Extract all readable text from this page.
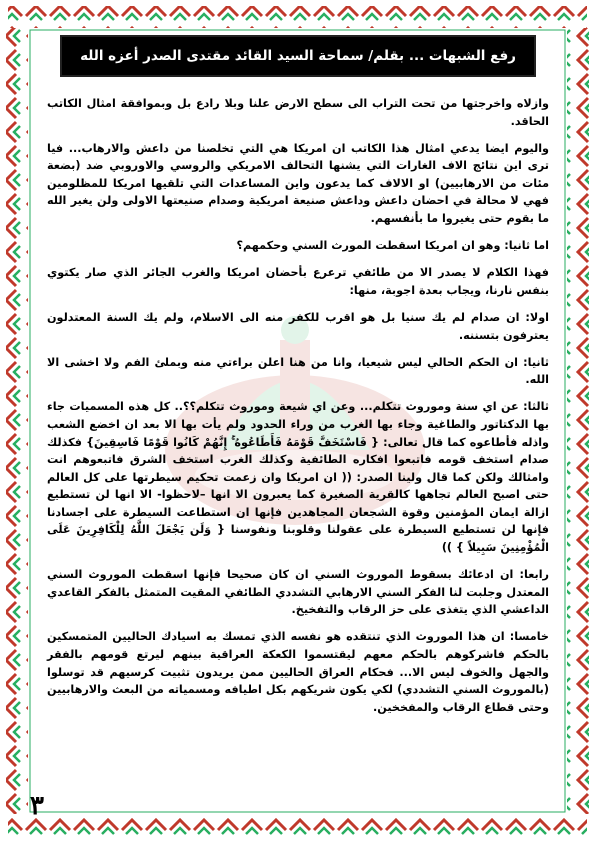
رفع الشبهات ... بقلم/ سماحة السيد القائد مقتدى الصدر أعزه الله

وازلاه واخرجتها من تحت التراب الى سطح الارض علنا وبلا رادع بل وبموافقة امثال الكاتب الحاقد.

واليوم ايضا يدعي امثال هذا الكاتب ان امريكا هي التي تخلصنا من داعش والارهاب... فيا ترى اين نتائج الاف الغارات التي يشنها التحالف الامريكي والروسي والاوروبي ضد (بضعة مئات من الارهابيين) او الالاف كما يدعون واين المساعدات التي تلقيها امريكا للمظلومين فهي لا محالة في احضان داعش وداعش صنيعة امريكية وصدام صنيعتها الاولى ولن يغير الله ما بقوم حتى يغيروا ما بأنفسهم.

اما ثانيا: وهو ان امريكا اسقطت المورث السني وحكمهم؟

فهذا الكلام لا يصدر الا من طائفي ترعرع بأحضان امريكا والغرب الجائر الذي صار يكتوي بنفس نارنا، ويجاب بعدة اجوبة، منها:

اولا: ان صدام لم يك سنيا بل هو اقرب للكفر منه الى الاسلام، ولم يك السنة المعتدلون يعترفون بتسننه.

ثانيا: ان الحكم الحالي ليس شيعيا، وانا من هنا اعلن براءتي منه وبملئ الفم ولا اخشى الا الله.

ثالثا: عن اي سنة وموروث تتكلم... وعن اي شيعة وموروث تتكلم؟؟.. كل هذه المسميات جاء بها الدكتاتور والطاغية وجاء بها الغرب من وراء الحدود ولم يأت بها الا بعد ان اخضع الشعب واذله فأطاعوه كما قال تعالى: { فَاسْتَخَفَّ قَوْمَهُ فَأَطَاعُوهُ ۚ إِنَّهُمْ كَانُوا قَوْمًا فَاسِقِينَ} فكذلك صدام استخف قومه فاتبعوا افكاره الطائفية وكذلك الغرب استخف الشرق فاتبعوهم انت وامثالك ولكن كما قال ولينا الصدر: (( ان امريكا وان زعمت تحكيم سيطرتها على كل العالم حتى اصبح العالم تجاهها كالقرية الصغيرة كما يعبرون الا انها –لاحظوا- الا انها لن تستطيع ازالة ايمان المؤمنين وقوة الشجعان المجاهدين فإنها ان استطاعت السيطرة على اجسادنا فإنها لن تستطيع السيطرة على عقولنا وقلوبنا ونفوسنا { وَلَن يَجْعَلَ اللَّهُ لِلْكَافِرِينَ عَلَى الْمُؤْمِنِينَ سَبِيلاً } ))

رابعا: ان ادعائك بسقوط الموروث السني ان كان صحيحا فإنها اسقطت الموروث السني المعتدل وجلبت لنا الفكر السني الارهابي التشددي الطائفي المقيت المتمثل بالفكر القاعدي الداعشي الذي يتغذى على حز الرقاب والتفخيخ.

خامسا: ان هذا الموروث الذي تنتقده هو نفسه الذي تمسك به اسيادك الحاليين المتمسكين بالحكم فاشركوهم بالحكم معهم ليقتسموا الكعكة العراقية بينهم ليرتع قومهم بالفقر والجهل والخوف ليس الا... فحكام العراق الحاليين ممن يريدون تثبيت كرسيهم قد توسلوا (بالموروث السني التشددي) لكي يكون شريكهم بكل اطيافه ومسمياته من البعث والارهابيين وحتى قطاع الرقاب والمفخخين.

٣
